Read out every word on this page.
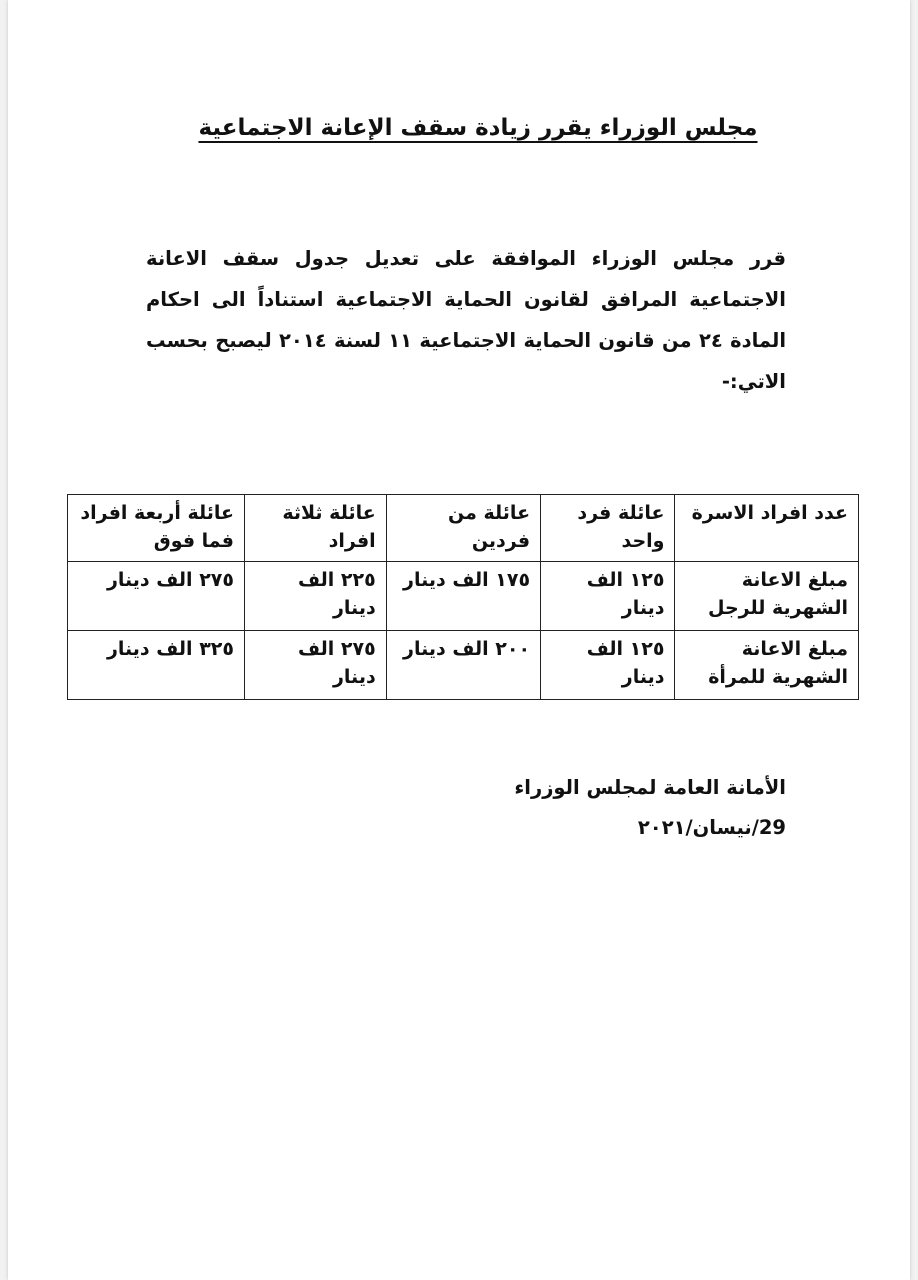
مجلس الوزراء يقرر زيادة سقف الإعانة الاجتماعية
قرر مجلس الوزراء الموافقة على تعديل جدول سقف الاعانة الاجتماعية المرافق لقانون الحماية الاجتماعية استناداً الى احكام المادة ٢٤ من قانون الحماية الاجتماعية ١١ لسنة ٢٠١٤ ليصبح بحسب الاتي:-
عدد افراد الاسرة	عائلة فرد واحد	عائلة من فردين	عائلة ثلاثة افراد	عائلة أربعة افراد فما فوق
مبلغ الاعانة الشهرية للرجل	١٢٥ الف دينار	١٧٥ الف دينار	٢٢٥ الف دينار	٢٧٥ الف دينار
مبلغ الاعانة الشهرية للمرأة	١٢٥ الف دينار	٢٠٠ الف دينار	٢٧٥ الف دينار	٣٢٥ الف دينار
الأمانة العامة لمجلس الوزراء
29/نيسان/٢٠٢١
